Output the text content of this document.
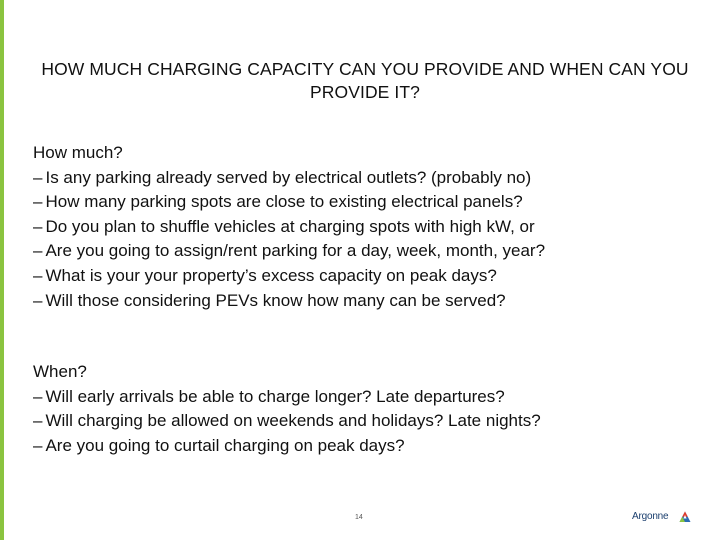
HOW MUCH CHARGING CAPACITY CAN YOU PROVIDE AND WHEN CAN YOU PROVIDE IT?
How much?
– Is any parking already served by electrical outlets? (probably no)
– How many parking spots are close to existing electrical panels?
– Do you plan to shuffle vehicles at charging spots with high kW, or
– Are you going to assign/rent parking for a day, week, month, year?
– What is your your property’s excess capacity on peak days?
– Will those considering PEVs know how many can be served?
When?
– Will early arrivals be able to charge longer? Late departures?
– Will charging be allowed on weekends and holidays? Late nights?
– Are you going to curtail charging on peak days?
14	Argonne
